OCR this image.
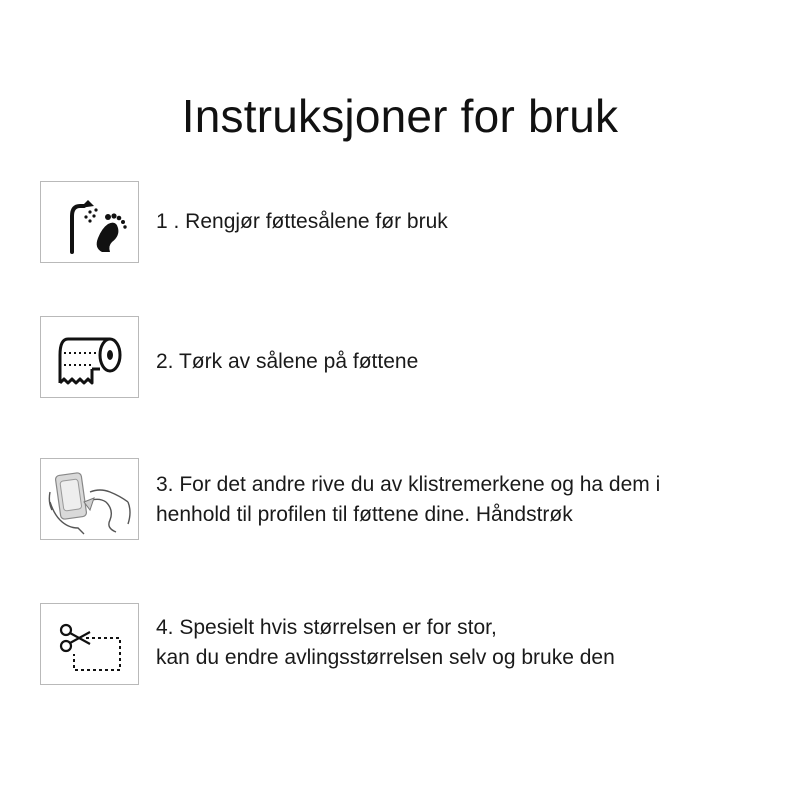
Instruksjoner for bruk
1 . Rengjør føttesålene før bruk
2. Tørk av sålene på føttene
3. For det andre rive du av klistremerkene og ha dem i
henhold til profilen til føttene dine. Håndstrøk
4. Spesielt hvis størrelsen er for stor,
kan du endre avlingsstørrelsen selv og bruke den
